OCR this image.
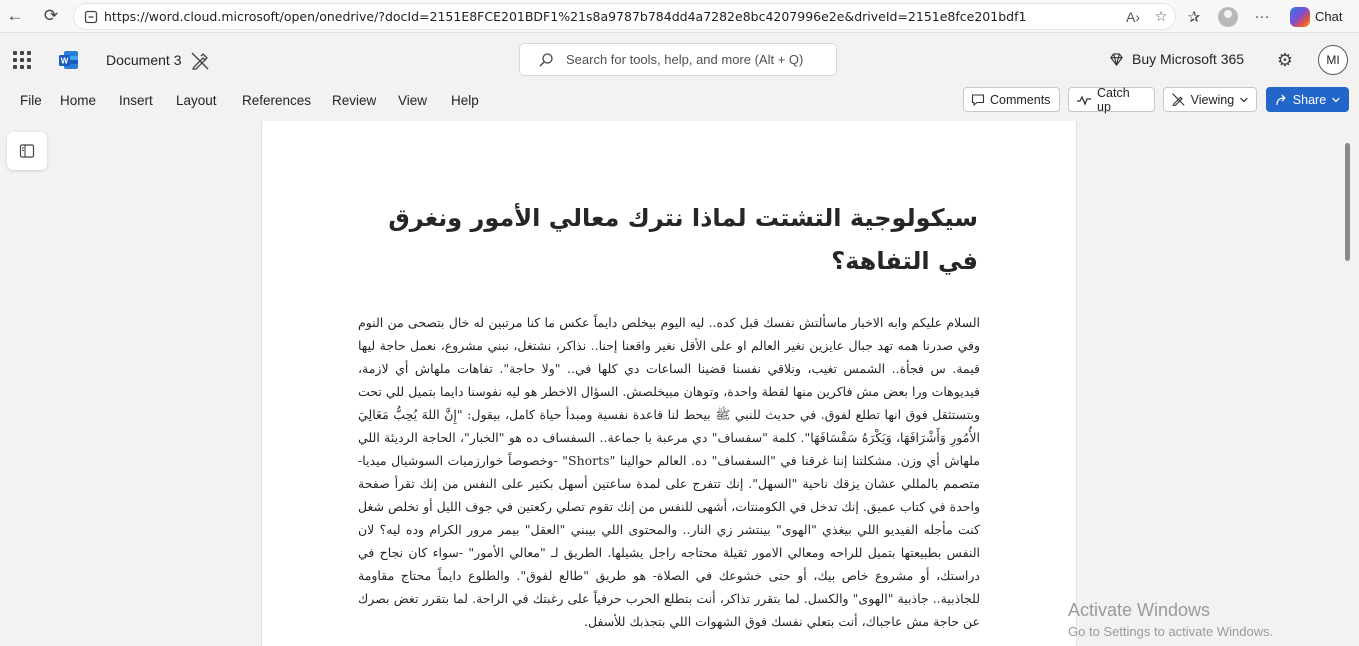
←	⟳	https://word.cloud.microsoft/open/onedrive/?docId=2151E8FCE201BDF1%21s8a9787b784dd4a7282e8bc4207996e2e&driveId=2151e8fce201bdf1	A›	☆	✰	···	Chat
W	Document 3
Search for tools, help, and more (Alt + Q)	Buy Microsoft 365 ⚙	MI
File Home Insert Layout References Review View Help	Comments	Catch up	Viewing	Share
سيكولوجية التشتت لماذا نترك معالي الأمور ونغرق في التفاهة؟
السلام عليكم وابه الاخبار ماسألتش نفسك قبل كده.. ليه اليوم بيخلص دايماً عكس ما كنا مرتبين له خال بتصحى من النوم وفي صدرنا همه تهد جبال عايزين نغير العالم او على الأقل نغير واقعنا إحنا.. نذاكر، نشتغل، نبني مشروع، نعمل حاجة ليها قيمة. س فجأة.. الشمس تغيب، ونلاقي نفسنا قضينا الساعات دي كلها في.. "ولا حاجة". تفاهات ملهاش أي لازمة، فيديوهات ورا بعض مش فاكرين منها لقطة واحدة، وتوهان مبيخلصش. السؤال الاخطر هو ليه نفوسنا دايما بتميل للي تحت وبتستثقل فوق انها تطلع لفوق. في حديث للنبي ﷺ بيحط لنا قاعدة نفسية ومبدأ حياة كامل، بيقول: "إِنَّ اللهَ يُحِبُّ مَعَالِيَ الأُمُورِ وَأَشْرَافَهَا، وَيَكْرَهُ سَفْسَافَهَا". كلمة "سفساف" دي مرعبة يا جماعة.. السفساف ده هو "الخبار"، الحاجة الرديئة اللي ملهاش أي وزن. مشكلتنا إننا غرقنا في "السفساف" ده. العالم حوالينا "Shorts" -وخصوصاً خوارزميات السوشيال ميديا- متصمم بالمللي عشان يزقك ناحية "السهل". إنك تتفرج على لمدة ساعتين أسهل بكتير على النفس من إنك تقرأ صفحة واحدة في كتاب عميق. إنك تدخل في الكومنتات، أشهى للنفس من إنك تقوم تصلي ركعتين في جوف الليل أو تخلص شغل كنت مأجله الفيديو اللي بيغذي "الهوى" بينتشر زي النار.. والمحتوى اللي بيبني "العقل" بيمر مرور الكرام وده ليه؟ لان النفس بطبيعتها بتميل للراحه ومعالي الامور ثقيلة محتاجه راجل يشيلها. الطريق لـ "معالي الأمور" -سواء كان نجاح في دراستك، أو مشروع خاص بيك، أو حتى خشوعك في الصلاة- هو طريق "طالع لفوق". والطلوع دايماً محتاج مقاومة للجاذبية.. جاذبية "الهوى" والكسل. لما بتقرر تذاكر، أنت بتطلع الحرب حرفياً على رغبتك في الراحة. لما بتقرر تغض بصرك عن حاجة مش عاجباك، أنت بتعلي نفسك فوق الشهوات اللي بتجذبك للأسفل.
Activate Windows
Go to Settings to activate Windows.
